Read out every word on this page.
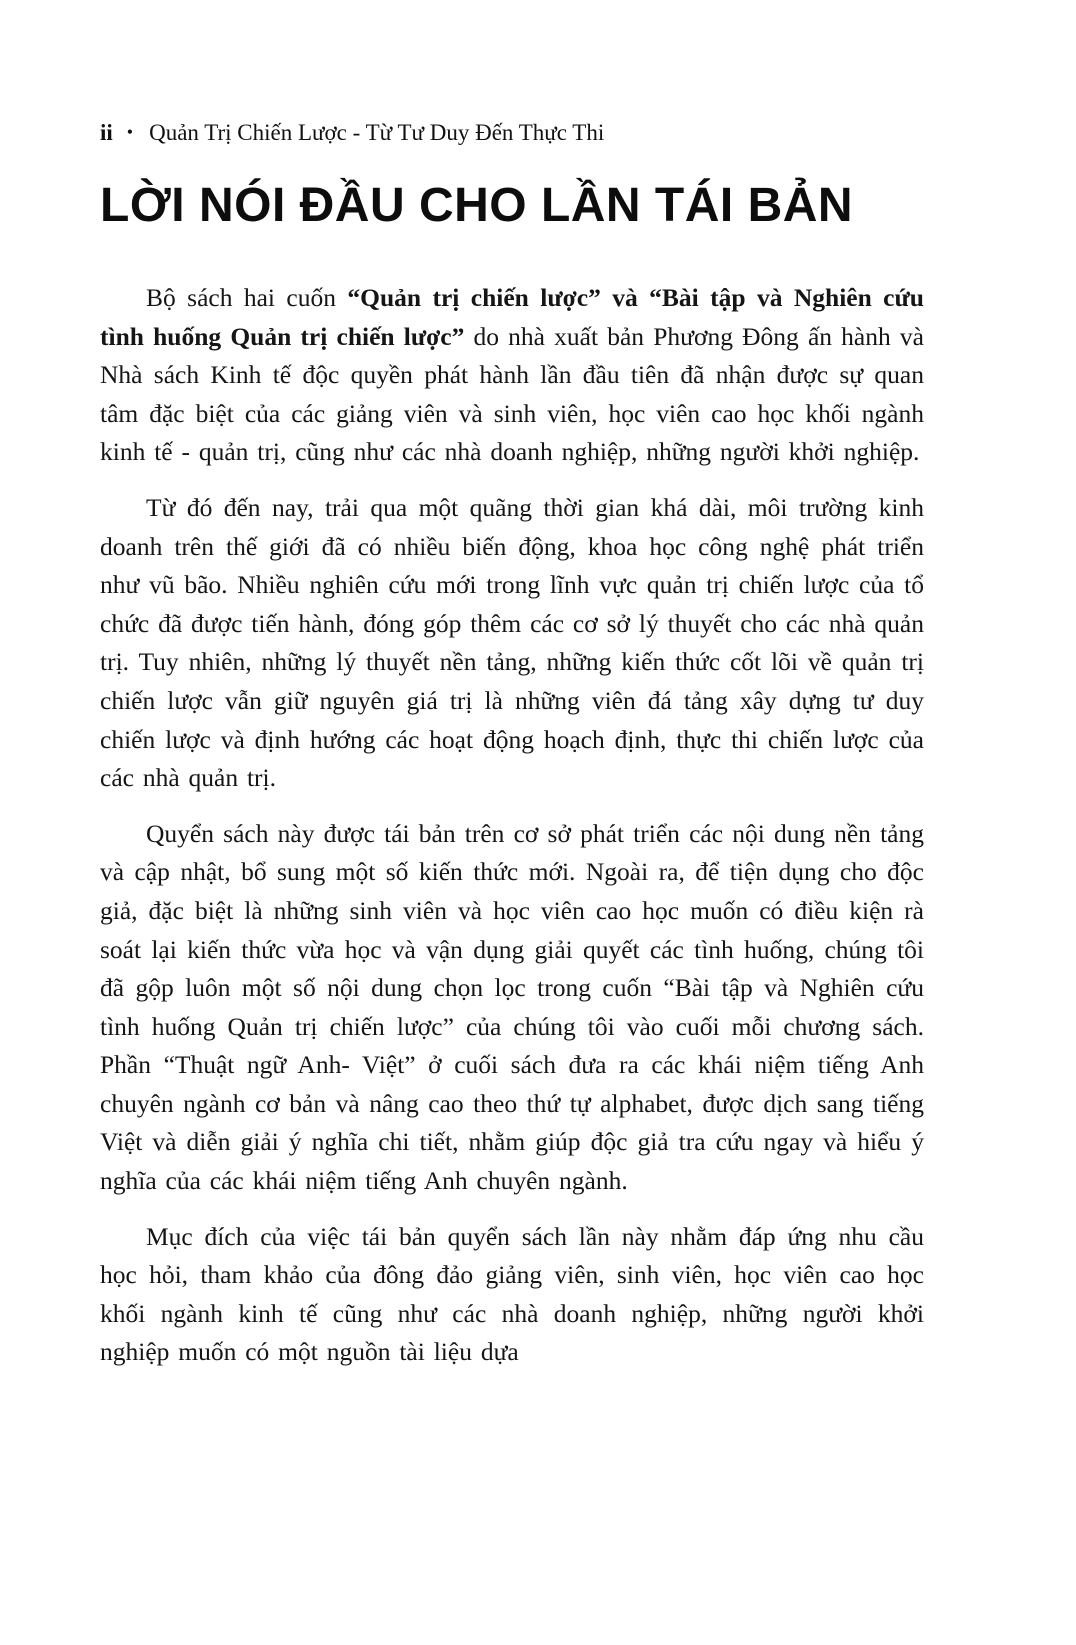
ii • Quản Trị Chiến Lược - Từ Tư Duy Đến Thực Thi
LỜI NÓI ĐẦU CHO LẦN TÁI BẢN

Bộ sách hai cuốn “Quản trị chiến lược” và “Bài tập và Nghiên cứu tình huống Quản trị chiến lược” do nhà xuất bản Phương Đông ấn hành và Nhà sách Kinh tế độc quyền phát hành lần đầu tiên đã nhận được sự quan tâm đặc biệt của các giảng viên và sinh viên, học viên cao học khối ngành kinh tế - quản trị, cũng như các nhà doanh nghiệp, những người khởi nghiệp.

Từ đó đến nay, trải qua một quãng thời gian khá dài, môi trường kinh doanh trên thế giới đã có nhiều biến động, khoa học công nghệ phát triển như vũ bão. Nhiều nghiên cứu mới trong lĩnh vực quản trị chiến lược của tổ chức đã được tiến hành, đóng góp thêm các cơ sở lý thuyết cho các nhà quản trị. Tuy nhiên, những lý thuyết nền tảng, những kiến thức cốt lõi về quản trị chiến lược vẫn giữ nguyên giá trị là những viên đá tảng xây dựng tư duy chiến lược và định hướng các hoạt động hoạch định, thực thi chiến lược của các nhà quản trị.

Quyển sách này được tái bản trên cơ sở phát triển các nội dung nền tảng và cập nhật, bổ sung một số kiến thức mới. Ngoài ra, để tiện dụng cho độc giả, đặc biệt là những sinh viên và học viên cao học muốn có điều kiện rà soát lại kiến thức vừa học và vận dụng giải quyết các tình huống, chúng tôi đã gộp luôn một số nội dung chọn lọc trong cuốn “Bài tập và Nghiên cứu tình huống Quản trị chiến lược” của chúng tôi vào cuối mỗi chương sách. Phần “Thuật ngữ Anh- Việt” ở cuối sách đưa ra các khái niệm tiếng Anh chuyên ngành cơ bản và nâng cao theo thứ tự alphabet, được dịch sang tiếng Việt và diễn giải ý nghĩa chi tiết, nhằm giúp độc giả tra cứu ngay và hiểu ý nghĩa của các khái niệm tiếng Anh chuyên ngành.

Mục đích của việc tái bản quyển sách lần này nhằm đáp ứng nhu cầu học hỏi, tham khảo của đông đảo giảng viên, sinh viên, học viên cao học khối ngành kinh tế cũng như các nhà doanh nghiệp, những người khởi nghiệp muốn có một nguồn tài liệu dựa
